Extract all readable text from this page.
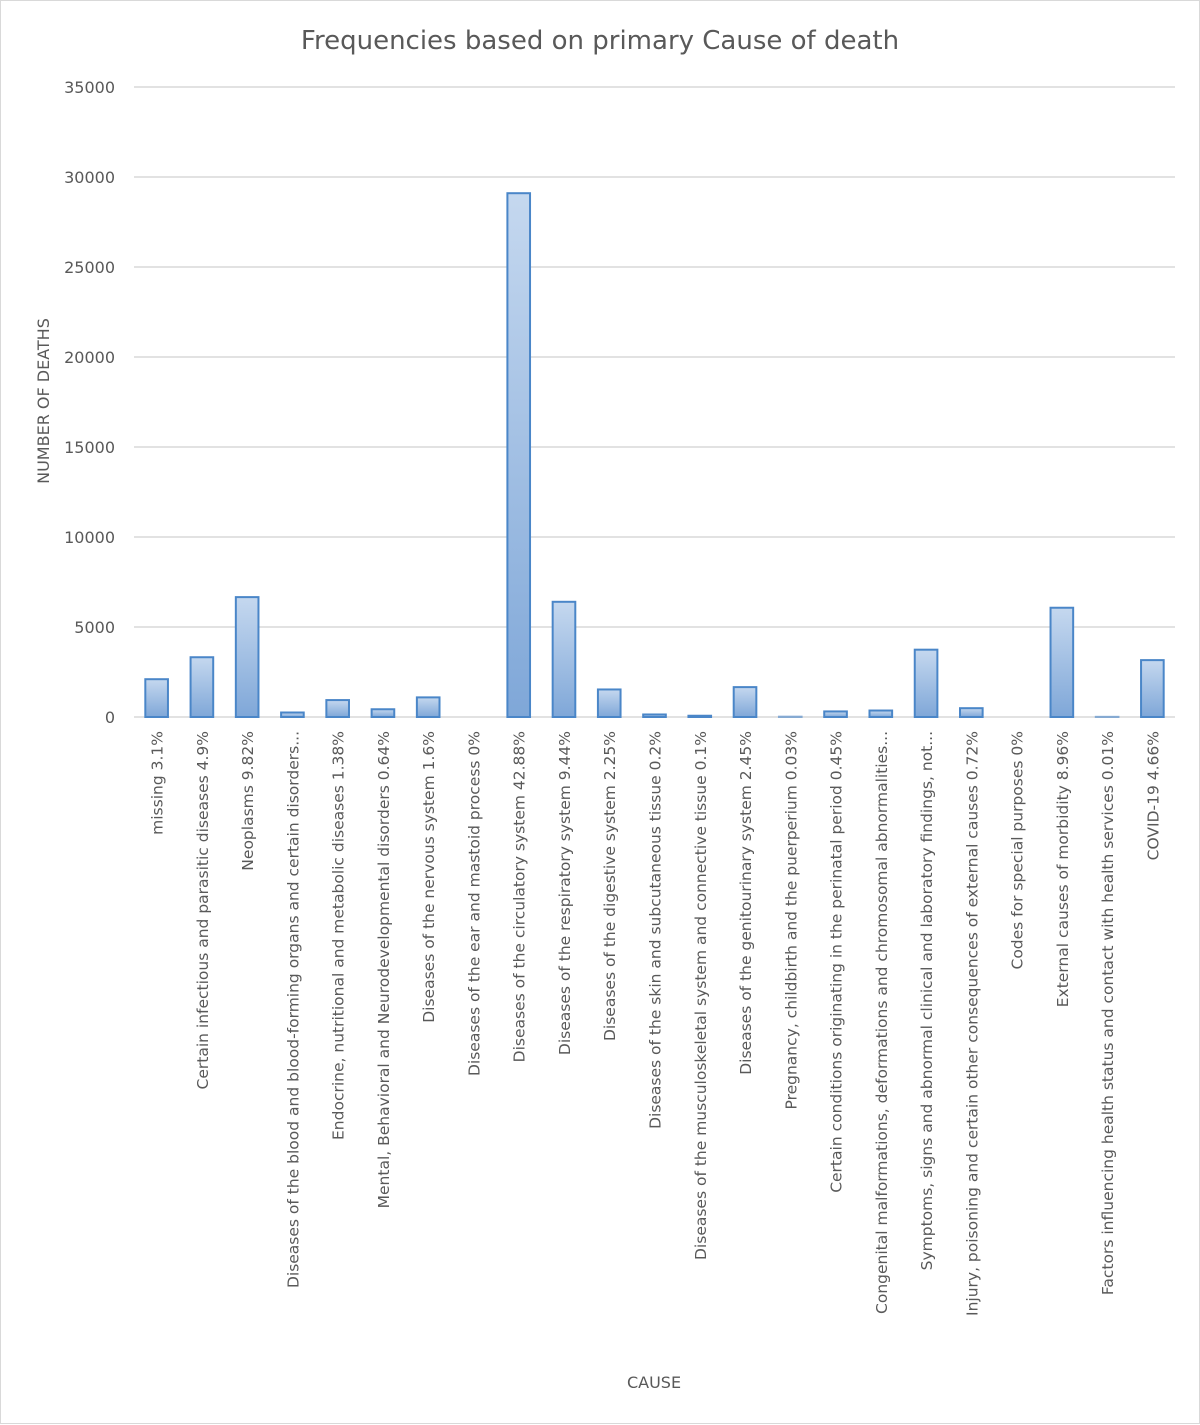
Frequencies based on primary Cause of death
0
5000
10000
15000
20000
25000
30000
35000
missing 3.1% Certain infectious and parasitic diseases 4.9% Neoplasms 9.82% Diseases of the blood and blood-forming organs and certain disorders... Endocrine, nutritional and metabolic diseases 1.38% Mental, Behavioral and Neurodevelopmental disorders 0.64% Diseases of the nervous system 1.6% Diseases of the ear and mastoid process 0% Diseases of the circulatory system 42.88% Diseases of the respiratory system 9.44% Diseases of the digestive system 2.25% Diseases of the skin and subcutaneous tissue 0.2% Diseases of the musculoskeletal system and connective tissue 0.1% Diseases of the genitourinary system 2.45% Pregnancy, childbirth and the puerperium 0.03% Certain conditions originating in the perinatal period 0.45% Congenital malformations, deformations and chromosomal abnormalities... Symptoms, signs and abnormal clinical and laboratory findings, not... Injury, poisoning and certain other consequences of external causes 0.72% Codes for special purposes 0% External causes of morbidity 8.96% Factors influencing health status and contact with health services 0.01% COVID-19 4.66%
NUMBER OF DEATHS
CAUSE
